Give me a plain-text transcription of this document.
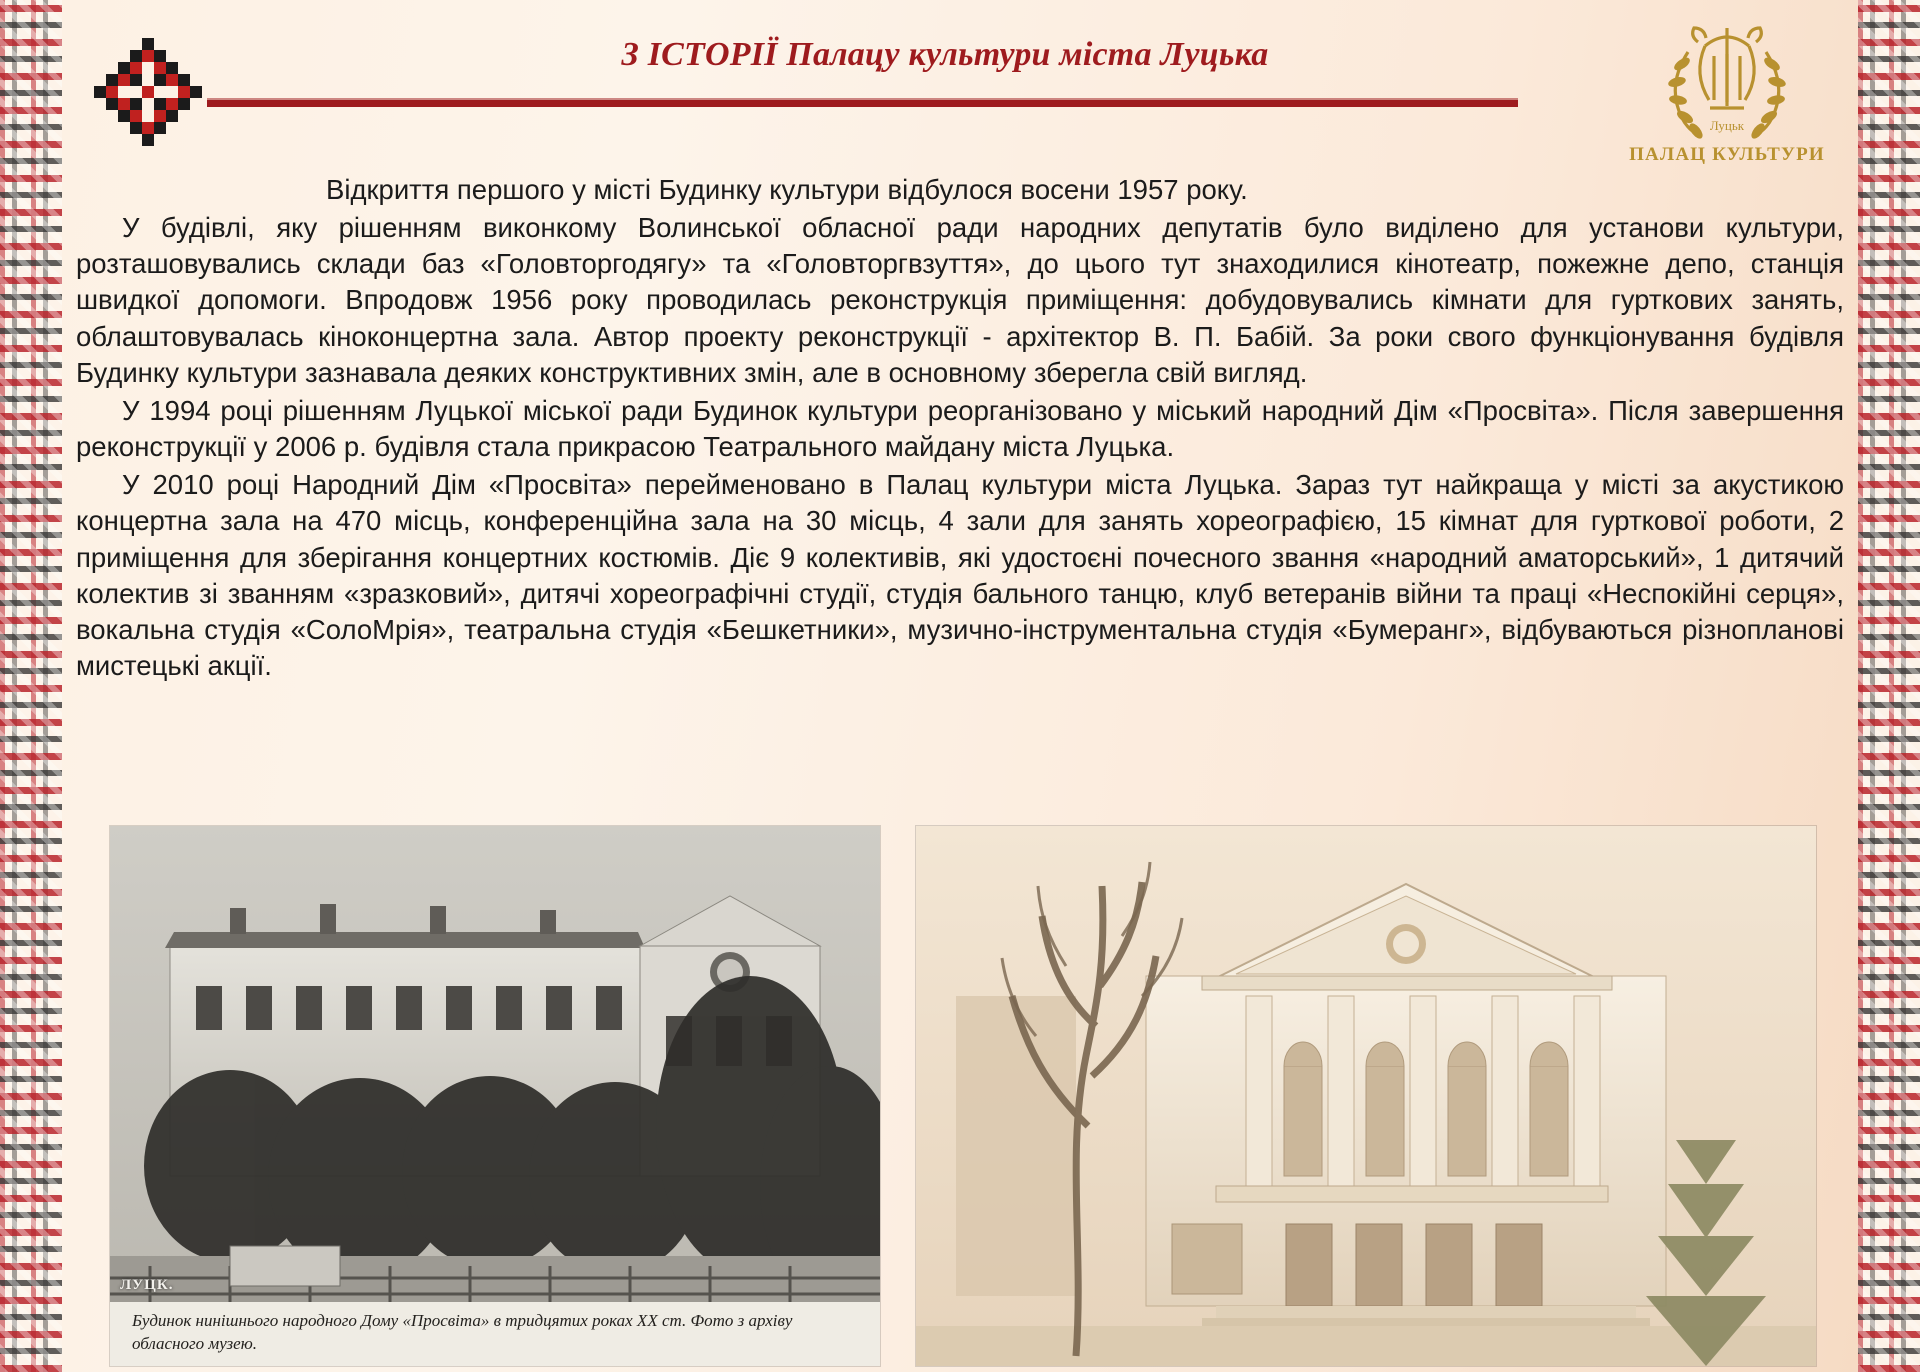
З ІСТОРІЇ Палацу культури міста Луцька
Луцьк
ПАЛАЦ КУЛЬТУРИ

Відкриття першого у місті Будинку культури відбулося восени 1957 року.

У будівлі, яку рішенням виконкому Волинської обласної ради народних депутатів було виділено для установи культури, розташовувались склади баз «Головторгодягу» та «Головторгвзуття», до цього тут знаходилися кінотеатр, пожежне депо, станція швидкої допомоги. Впродовж 1956 року проводилась реконструкція приміщення: добудовувались кімнати для гурткових занять, облаштовувалась кіноконцертна зала. Автор проекту реконструкції - архітектор В. П. Бабій. За роки свого функціонування будівля Будинку культури зазнавала деяких конструктивних змін, але в основному зберегла свій вигляд.

У 1994 році рішенням Луцької міської ради Будинок культури реорганізовано у міський народний Дім «Просвіта». Після завершення реконструкції у 2006 р. будівля стала прикрасою Театрального майдану міста Луцька.

У 2010 році Народний Дім «Просвіта» перейменовано в Палац культури міста Луцька. Зараз тут найкраща у місті за акустикою концертна зала на 470 місць, конференційна зала на 30 місць, 4 зали для занять хореографією, 15 кімнат для гурткової роботи, 2 приміщення для зберігання концертних костюмів. Діє 9 колективів, які удостоєні почесного звання «народний аматорський», 1 дитячий колектив зі званням «зразковий», дитячі хореографічні студії, студія бального танцю, клуб ветеранів війни та праці «Неспокійні серця», вокальна студія «СолоМрія», театральна студія «Бешкетники», музично-інструментальна студія «Бумеранг», відбуваються різнопланові мистецькі акції.

ЛУЦК.
Будинок нинішнього народного Дому «Просвіта» в тридцятих роках XX ст. Фото з архіву обласного музею.
